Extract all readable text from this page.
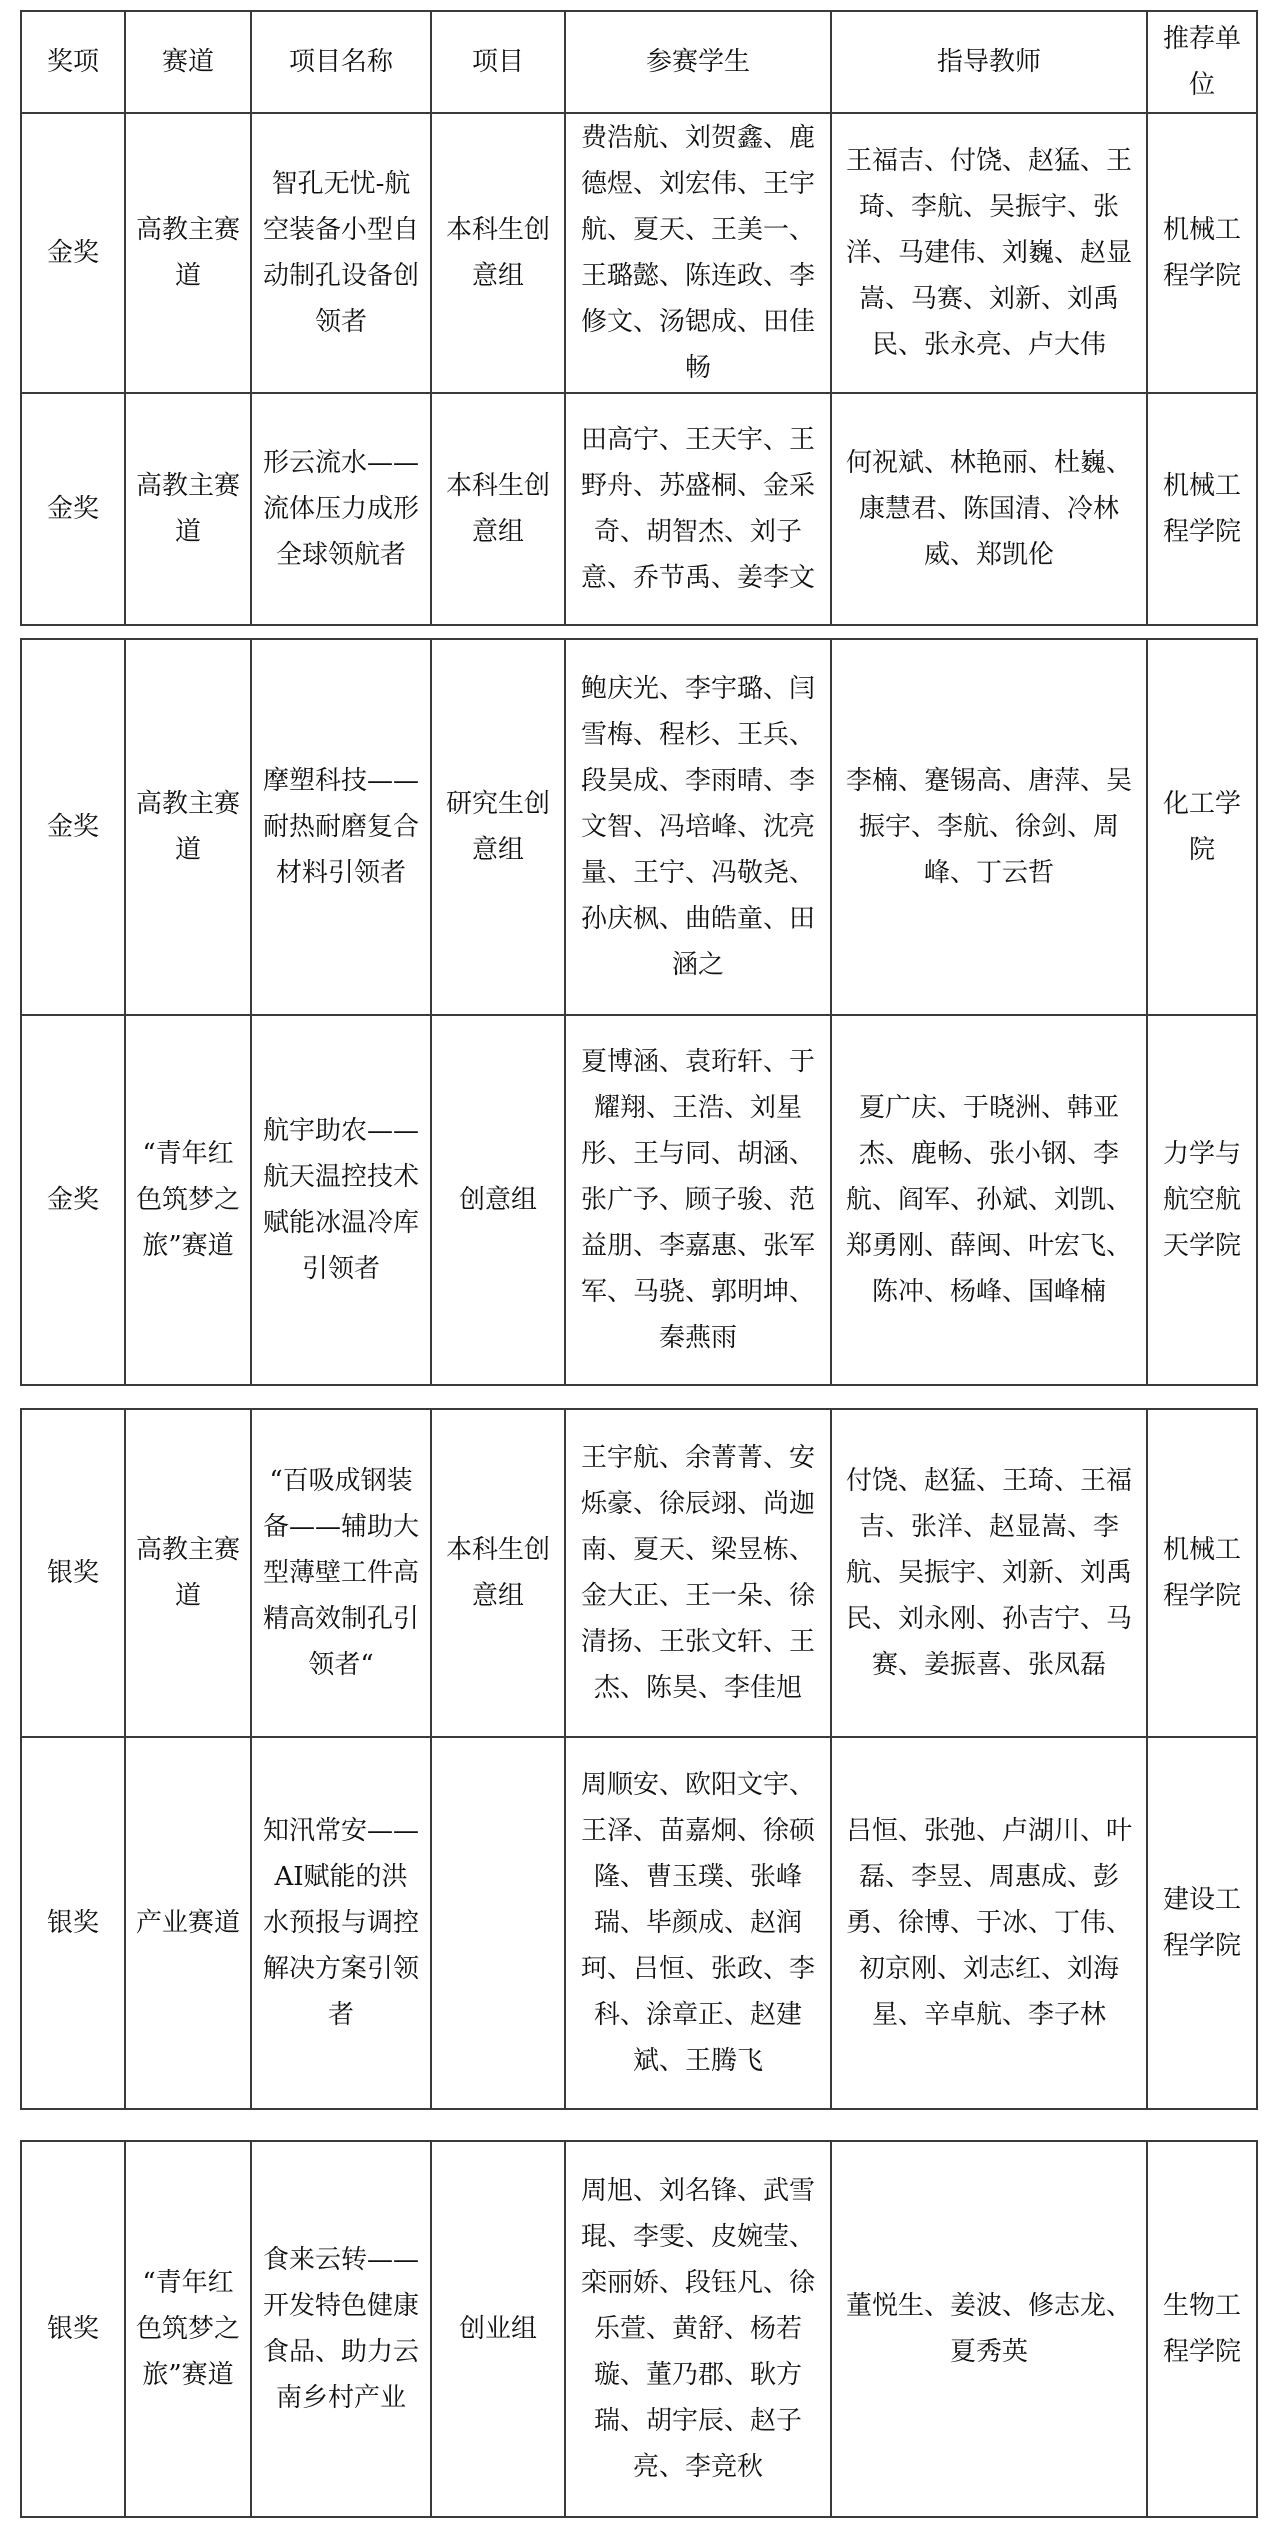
奖项	赛道	项目名称	项目	参赛学生	指导教师	推荐单位
金奖	高教主赛道	智孔无忧-航空装备小型自动制孔设备创领者	本科生创意组	费浩航、刘贺鑫、鹿德煜、刘宏伟、王宇航、夏天、王美一、王璐懿、陈连政、李修文、汤锶成、田佳畅	王福吉、付饶、赵猛、王琦、李航、吴振宇、张洋、马建伟、刘巍、赵显嵩、马赛、刘新、刘禹民、张永亮、卢大伟	机械工程学院
金奖	高教主赛道	形云流水——流体压力成形全球领航者	本科生创意组	田高宁、王天宇、王野舟、苏盛桐、金采奇、胡智杰、刘子意、乔节禹、姜李文	何祝斌、林艳丽、杜巍、康慧君、陈国清、冷林威、郑凯伦	机械工程学院
金奖	高教主赛道	摩塑科技——耐热耐磨复合材料引领者	研究生创意组	鲍庆光、李宇璐、闫雪梅、程杉、王兵、段昊成、李雨晴、李文智、冯培峰、沈亮量、王宁、冯敬尧、孙庆枫、曲皓童、田涵之	李楠、蹇锡高、唐萍、吴振宇、李航、徐剑、周峰、丁云哲	化工学院
金奖	“青年红色筑梦之旅”赛道	航宇助农——航天温控技术赋能冰温冷库引领者	创意组	夏博涵、袁珩轩、于耀翔、王浩、刘星彤、王与同、胡涵、张广予、顾子骏、范益朋、李嘉惠、张军军、马骁、郭明坤、秦燕雨	夏广庆、于晓洲、韩亚杰、鹿畅、张小钢、李航、阎军、孙斌、刘凯、郑勇刚、薛闽、叶宏飞、陈冲、杨峰、国峰楠	力学与航空航天学院
银奖	高教主赛道	“百吸成钢装备——辅助大型薄壁工件高精高效制孔引领者“	本科生创意组	王宇航、余菁菁、安烁豪、徐辰翊、尚迦南、夏天、梁昱栋、金大正、王一朵、徐清扬、王张文轩、王杰、陈昊、李佳旭	付饶、赵猛、王琦、王福吉、张洋、赵显嵩、李航、吴振宇、刘新、刘禹民、刘永刚、孙吉宁、马赛、姜振喜、张凤磊	机械工程学院
银奖	产业赛道	知汛常安——AI赋能的洪水预报与调控解决方案引领者		周顺安、欧阳文宇、王泽、苗嘉炯、徐硕隆、曹玉璞、张峰瑞、毕颜成、赵润珂、吕恒、张政、李科、涂章正、赵建斌、王腾飞	吕恒、张弛、卢湖川、叶磊、李昱、周惠成、彭勇、徐博、于冰、丁伟、初京刚、刘志红、刘海星、辛卓航、李子林	建设工程学院
银奖	“青年红色筑梦之旅”赛道	食来云转——开发特色健康食品、助力云南乡村产业	创业组	周旭、刘名锋、武雪琨、李雯、皮婉莹、栾丽娇、段钰凡、徐乐萱、黄舒、杨若璇、董乃郡、耿方瑞、胡宇辰、赵子亮、李竞秋	董悦生、姜波、修志龙、夏秀英	生物工程学院
